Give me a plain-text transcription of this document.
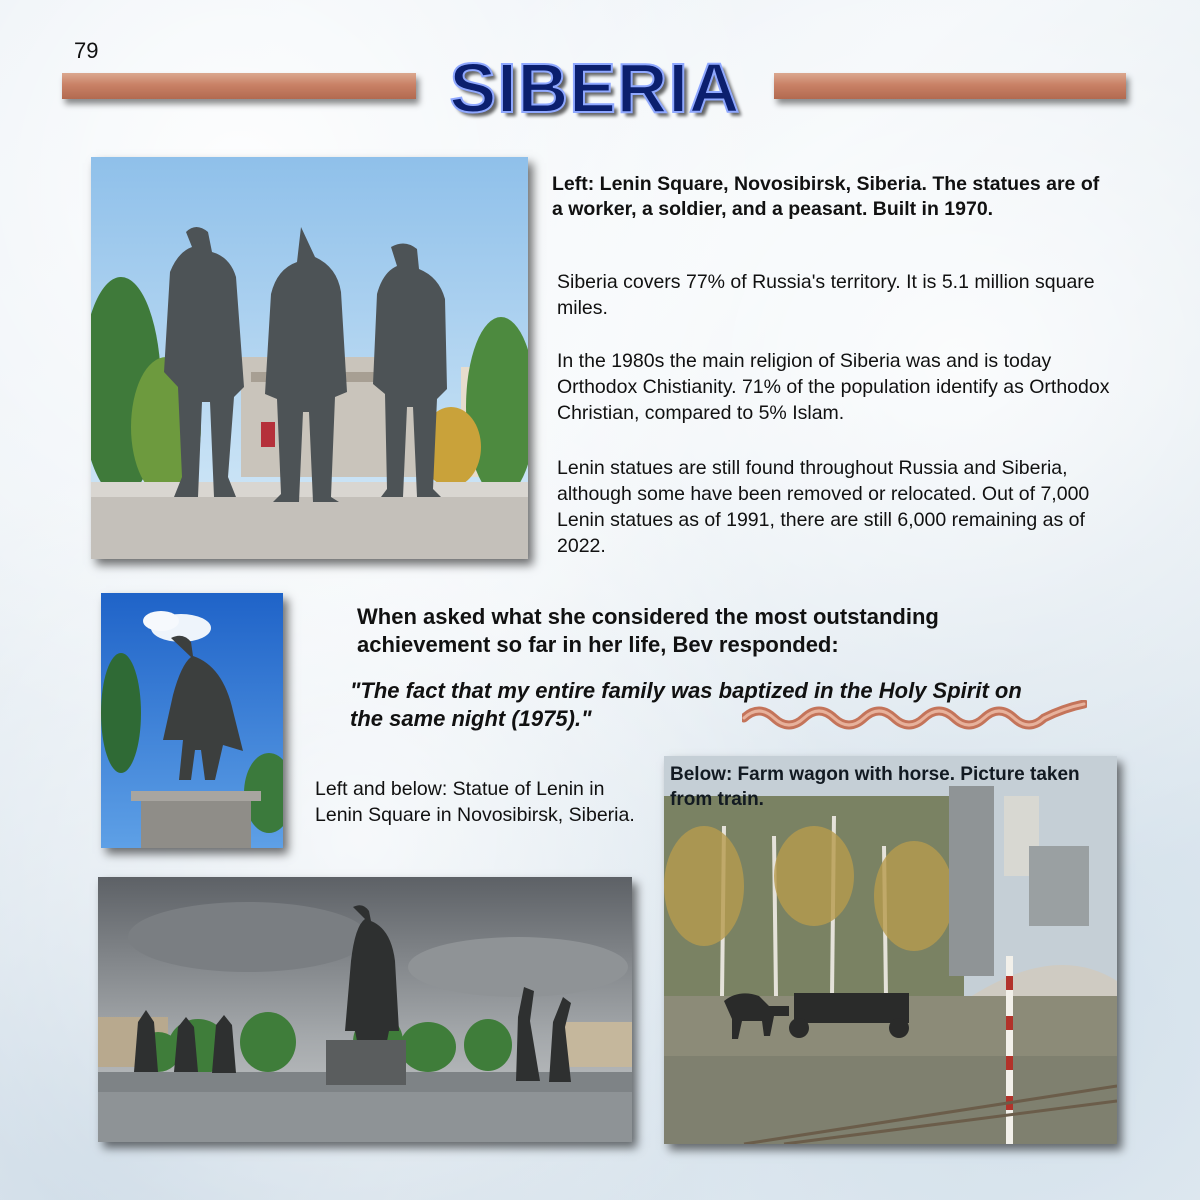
79	SIBERIA
Left: Lenin Square, Novosibirsk, Siberia. The statues are of a worker, a soldier, and a peasant. Built in 1970.
Siberia covers 77% of Russia's territory. It is 5.1 million square miles.
In the 1980s the main religion of Siberia was and is today Orthodox Chistianity. 71% of the population identify as Orthodox Christian, compared to 5% Islam.
Lenin statues are still found throughout Russia and Siberia, although some have been removed or relocated. Out of 7,000 Lenin statues as of 1991, there are still 6,000 remaining as of 2022.
When asked what she considered the most outstanding achievement so far in her life, Bev responded:
"The fact that my entire family was baptized in the Holy Spirit on the same night (1975)."
Left and below: Statue of Lenin in Lenin Square in Novosibirsk, Siberia.
Below: Farm wagon with horse. Picture taken from train.
